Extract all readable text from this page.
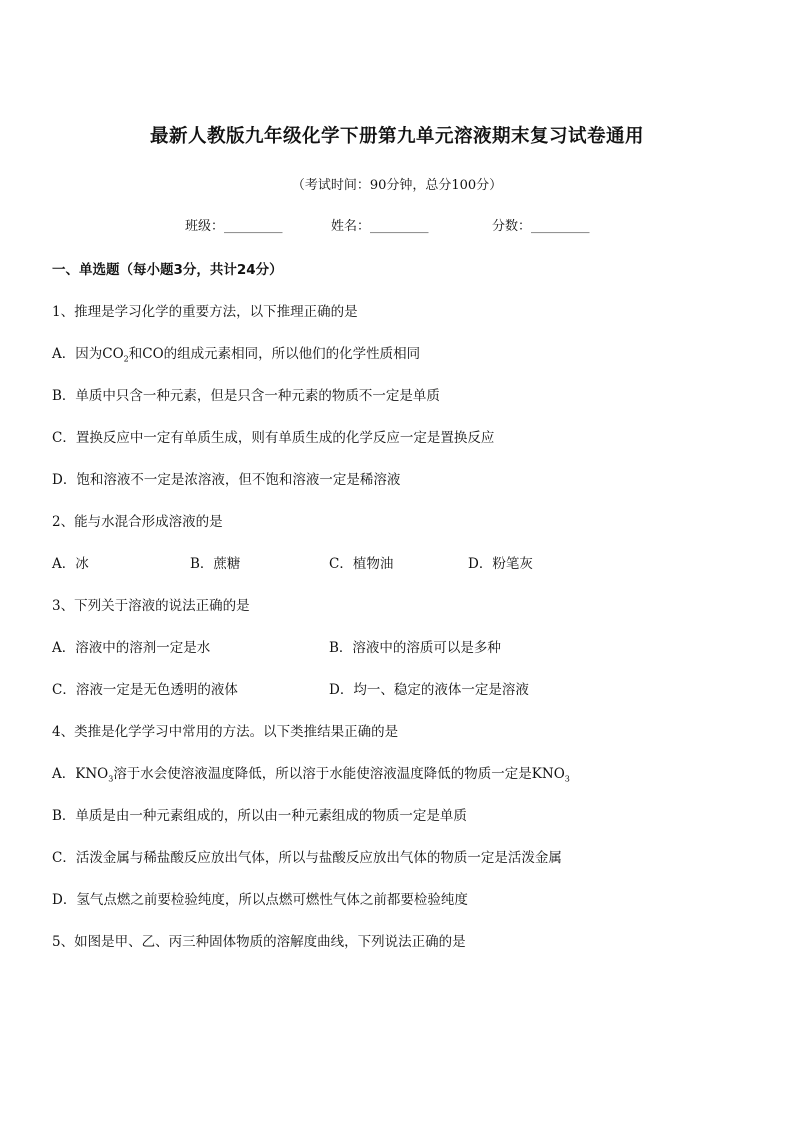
最新人教版九年级化学下册第九单元溶液期末复习试卷通用
（考试时间：90分钟，总分100分）
班级：_________	姓名：_________	分数：_________
一、单选题（每小题3分，共计24分）
1、推理是学习化学的重要方法，以下推理正确的是
A．因为$CO_2$和CO的组成元素相同，所以他们的化学性质相同
B．单质中只含一种元素，但是只含一种元素的物质不一定是单质
C．置换反应中一定有单质生成，则有单质生成的化学反应一定是置换反应
D．饱和溶液不一定是浓溶液，但不饱和溶液一定是稀溶液
2、能与水混合形成溶液的是
A．冰	B．蔗糖	C．植物油	D．粉笔灰
3、下列关于溶液的说法正确的是
A．溶液中的溶剂一定是水	B．溶液中的溶质可以是多种
C．溶液一定是无色透明的液体	D．均一、稳定的液体一定是溶液
4、类推是化学学习中常用的方法。以下类推结果正确的是
A．$KNO_3$溶于水会使溶液温度降低，所以溶于水能使溶液温度降低的物质一定是$KNO_3$
B．单质是由一种元素组成的，所以由一种元素组成的物质一定是单质
C．活泼金属与稀盐酸反应放出气体，所以与盐酸反应放出气体的物质一定是活泼金属
D．氢气点燃之前要检验纯度，所以点燃可燃性气体之前都要检验纯度
5、如图是甲、乙、丙三种固体物质的溶解度曲线，下列说法正确的是
